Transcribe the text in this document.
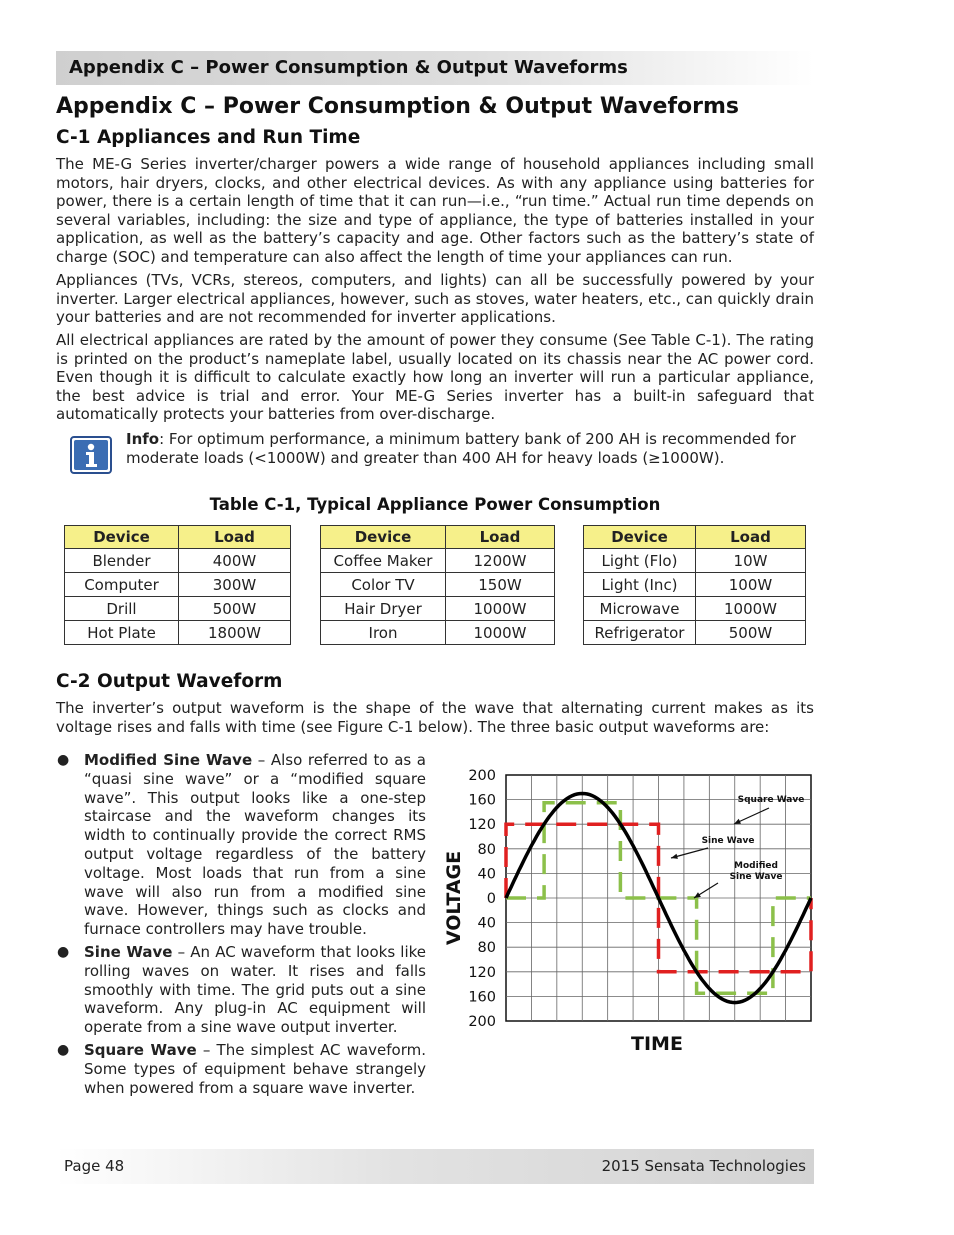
Appendix C – Power Consumption & Output Waveforms
Appendix C – Power Consumption & Output Waveforms
C-1 Appliances and Run Time

The ME-G Series inverter/charger powers a wide range of household appliances including small motors, hair dryers, clocks, and other electrical devices. As with any appliance using batteries for power, there is a certain length of time that it can run—i.e., “run time.” Actual run time depends on several variables, including: the size and type of appliance, the type of batteries installed in your application, as well as the battery’s capacity and age. Other factors such as the battery’s state of charge (SOC) and temperature can also affect the length of time your appliances can run.

Appliances (TVs, VCRs, stereos, computers, and lights) can all be successfully powered by your inverter. Larger electrical appliances, however, such as stoves, water heaters, etc., can quickly drain your batteries and are not recommended for inverter applications.

All electrical appliances are rated by the amount of power they consume (See Table C-1). The rating is printed on the product’s nameplate label, usually located on its chassis near the AC power cord. Even though it is difficult to calculate exactly how long an inverter will run a particular appliance, the best advice is trial and error. Your ME-G Series inverter has a built-in safeguard that automatically protects your batteries from over-discharge.

Info: For optimum performance, a minimum battery bank of 200 AH is recommended for moderate loads (<1000W) and greater than 400 AH for heavy loads (≥1000W).

Table C-1, Typical Appliance Power Consumption

Device	Load
Blender	400W
Computer	300W
Drill	500W
Hot Plate	1800W
Device	Load
Coffee Maker	1200W
Color TV	150W
Hair Dryer	1000W
Iron	1000W
Device	Load
Light (Flo)	10W
Light (Inc)	100W
Microwave	1000W
Refrigerator	500W
C-2 Output Waveform

The inverter’s output waveform is the shape of the wave that alternating current makes as its voltage rises and falls with time (see Figure C-1 below). The three basic output waveforms are:

● Modified Sine Wave – Also referred to as a “quasi sine wave” or a “modified square wave”. This output looks like a one-step staircase and the waveform changes its width to continually provide the correct RMS output voltage regardless of the battery voltage. Most loads that run from a sine wave will also run from a modified sine wave. However, things such as clocks and furnace controllers may have trouble.
● Sine Wave – An AC waveform that looks like rolling waves on water. It rises and falls smoothly with time. The grid puts out a sine waveform. Any plug-in AC equipment will operate from a sine wave output inverter.
● Square Wave – The simplest AC waveform. Some types of equipment behave strangely when powered from a square wave inverter.
200
160
120
80
40
0
40
80
120
160
200
Square Wave
Sine Wave
Modified Sine Wave
VOLTAGE
TIME
Page 48	2015 Sensata Technologies
